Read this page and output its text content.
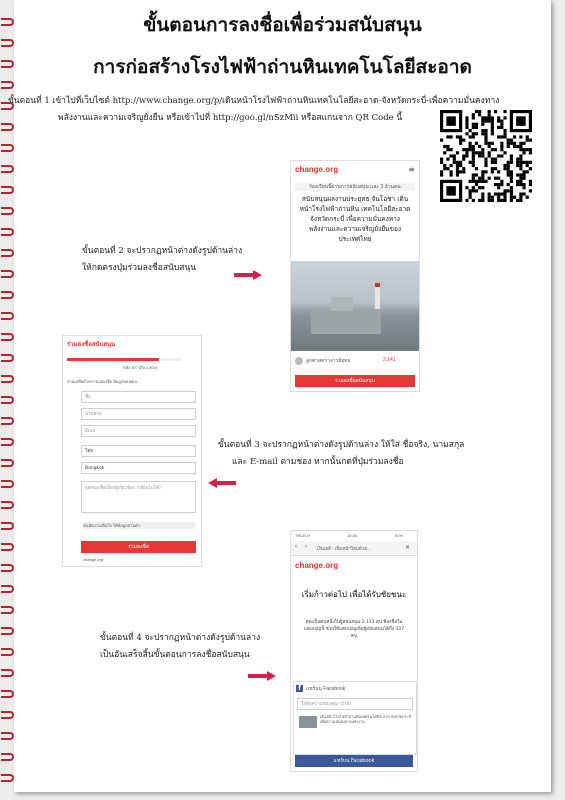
ขั้นตอนการลงชื่อเพื่อร่วมสนับสนุน
การก่อสร้างโรงไฟฟ้าถ่านหินเทคโนโลยีสะอาด
ขั้นตอนที่ 1 เข้าไปที่เว็บไซต์ http://www.change.org/p/เดินหน้าโรงไฟฟ้าถ่านหินเทคโนโลยีสะอาด-จังหวัดกระบี่-เพื่อความมั่นคงทาง
พลังงานและความเจริญยั่งยืน หรือเข้าไปที่ http://goo.gl/nSzMii หรือสแกนจาก QR Code นี้
ขั้นตอนที่ 2 จะปรากฏหน้าต่างดังรูปด้านล่าง
ให้กดตรงปุ่มร่วมลงชื่อสนับสนุน
change.org	≡
ร้องเรียนนี้ผ่านการสนับสนุน และ 3 ล้านคน
สนับสนุนผลงานประยุทธ จันโอชา เดินหน้าโรงไฟฟ้าถ่านหิน เทคโนโลยีสะอาด จังหวัดกระบี่ เพื่อความมั่นคงทางพลังงานและความเจริญยั่งยืนของประเทศไทย
ลูกศาสตราจารย์ยุทธ	2,141
ร่วมลงชื่อสนับสนุน
ร่วมลงชื่อสนับสนุน
หลัง 397 (ถึง 2,500)
ส่วนเหลือด้วยการแสดงชื่อ ข้อมูลของคุณ
ชื่อ
นามสกุล
อีเมล
ไทย
Bangkok
อุดหนุนชื่อเนื่องผู้เกี่ยวข้อง (เขียนไม่ได้)
ฉันมีความเต็มใจ ให้ข้อมูลส่วนตัว
ร่วมลงชื่อ
change.org
ขั้นตอนที่ 3 จะปรากฏหน้าต่างดังรูปด้านล่าง ให้ใส่ ชื่อจริง, นามสกุล
และ E-mail ตามช่อง หากนั้นกดที่ปุ่มร่วมลงชื่อ
TRUE-H	10:35	61%
‹ › เงินเยสี - เพิ่มหน้าใหม่ด้วย...	✕
change.org
เริ่มก้าวต่อไป เพื่อได้รับชัยชนะ
คุณเป็นคนหนึ่งในผู้สนับสนุน 2,133 คน ที่ลงชื่อในแคมเปญนี้ ช่วยให้แคมเปญเพิ่มผู้สนับสนุนได้ถึง 337 คน
f	แชร์บน Facebook
ใส่ข้อความของคุณ (ถ้ามี)
เดินหน้าโรงไฟฟ้าถ่านหินเทคโนโลยีสะอาด จังหวัดกระบี่ เพื่อความมั่นคงทางพลังงาน
แชร์บน Facebook
ขั้นตอนที่ 4 จะปรากฏหน้าต่างดังรูปด้านล่าง
เป็นอันเสร็จสิ้นขั้นตอนการลงชื่อสนับสนุน
